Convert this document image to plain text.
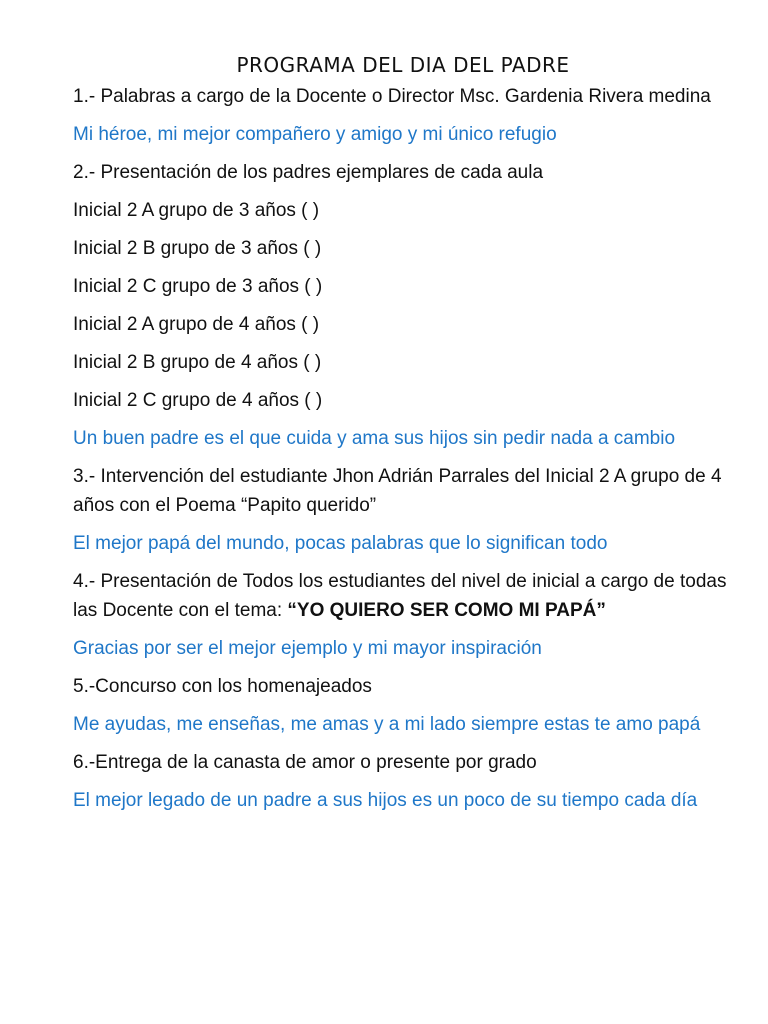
PROGRAMA DEL DIA DEL PADRE
1.- Palabras a cargo de la Docente o Director Msc. Gardenia Rivera medina
Mi héroe, mi mejor compañero y amigo y mi único refugio
2.- Presentación de los padres ejemplares de cada aula
Inicial 2 A grupo de 3 años ( )
Inicial 2 B grupo de 3 años ( )
Inicial 2 C grupo de 3 años ( )
Inicial 2 A grupo de 4 años ( )
Inicial 2 B grupo de 4 años ( )
Inicial 2 C grupo de 4 años ( )
Un buen padre es el que cuida y ama sus hijos sin pedir nada a cambio
3.- Intervención del estudiante Jhon Adrián Parrales del Inicial 2 A grupo de 4 años con el Poema “Papito querido”
El mejor papá del mundo, pocas palabras que lo significan todo
4.- Presentación de Todos los estudiantes del nivel de inicial a cargo de todas las Docente con el tema: “YO QUIERO SER COMO MI PAPÁ”
Gracias por ser el mejor ejemplo y mi mayor inspiración
5.-Concurso con los homenajeados
Me ayudas, me enseñas, me amas y a mi lado siempre estas te amo papá
6.-Entrega de la canasta de amor o presente por grado
El mejor legado de un padre a sus hijos es un poco de su tiempo cada día
